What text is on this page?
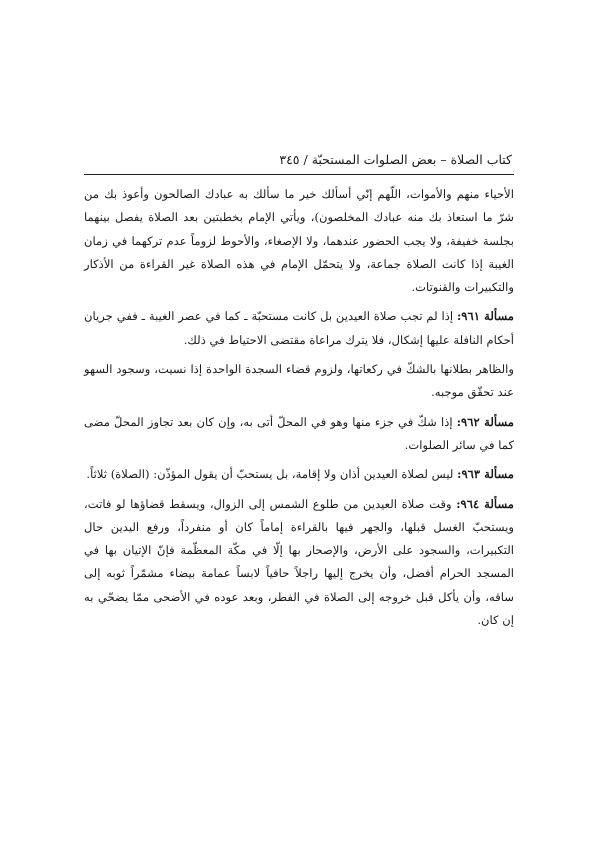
كتاب الصلاة – بعض الصلوات المستحبّة / ٣٤٥

الأحياء منهم والأموات، اللّهم إنّي أسألك خير ما سألك به عبادك الصالحون وأعوذ بك من شرّ ما استعاذ بك منه عبادك المخلصون)، ويأتي الإمام بخطبتين بعد الصلاة يفصل بينهما بجلسة خفيفة، ولا يجب الحضور عندهما، ولا الإصغاء، والأحوط لزوماً عدم تركهما في زمان الغيبة إذا كانت الصلاة جماعة، ولا يتحمّل الإمام في هذه الصلاة غير القراءة من الأذكار والتكبيرات والقنوتات.

مسألة ٩٦١: إذا لم تجب صلاة العيدين بل كانت مستحبّة ـ كما في عصر الغيبة ـ ففي جريان أحكام النافلة عليها إشكال، فلا يترك مراعاة مقتضى الاحتياط في ذلك.

والظاهر بطلانها بالشكّ في ركعاتها، ولزوم قضاء السجدة الواحدة إذا نسيت، وسجود السهو عند تحقّق موجبه.

مسألة ٩٦٢: إذا شكّ في جزء منها وهو في المحلّ أتى به، وإن كان بعد تجاوز المحلّ مضى كما في سائر الصلوات.

مسألة ٩٦٣: ليس لصلاة العيدين أذان ولا إقامة، بل يستحبّ أن يقول المؤذّن: (الصلاة) ثلاثاً.

مسألة ٩٦٤: وقت صلاة العيدين من طلوع الشمس إلى الزوال، ويسقط قضاؤها لو فاتت، ويستحبّ الغسل قبلها، والجهر فيها بالقراءة إماماً كان أو منفرداً، ورفع اليدين حال التكبيرات، والسجود على الأرض، والإصحار بها إلّا في مكّة المعظّمة فإنّ الإتيان بها في المسجد الحرام أفضل، وأن يخرج إليها راجلاً حافياً لابساً عمامة بيضاء مشمّراً ثوبه إلى ساقه، وأن يأكل قبل خروجه إلى الصلاة في الفطر، وبعد عوده في الأضحى ممّا يضحّي به إن كان.
